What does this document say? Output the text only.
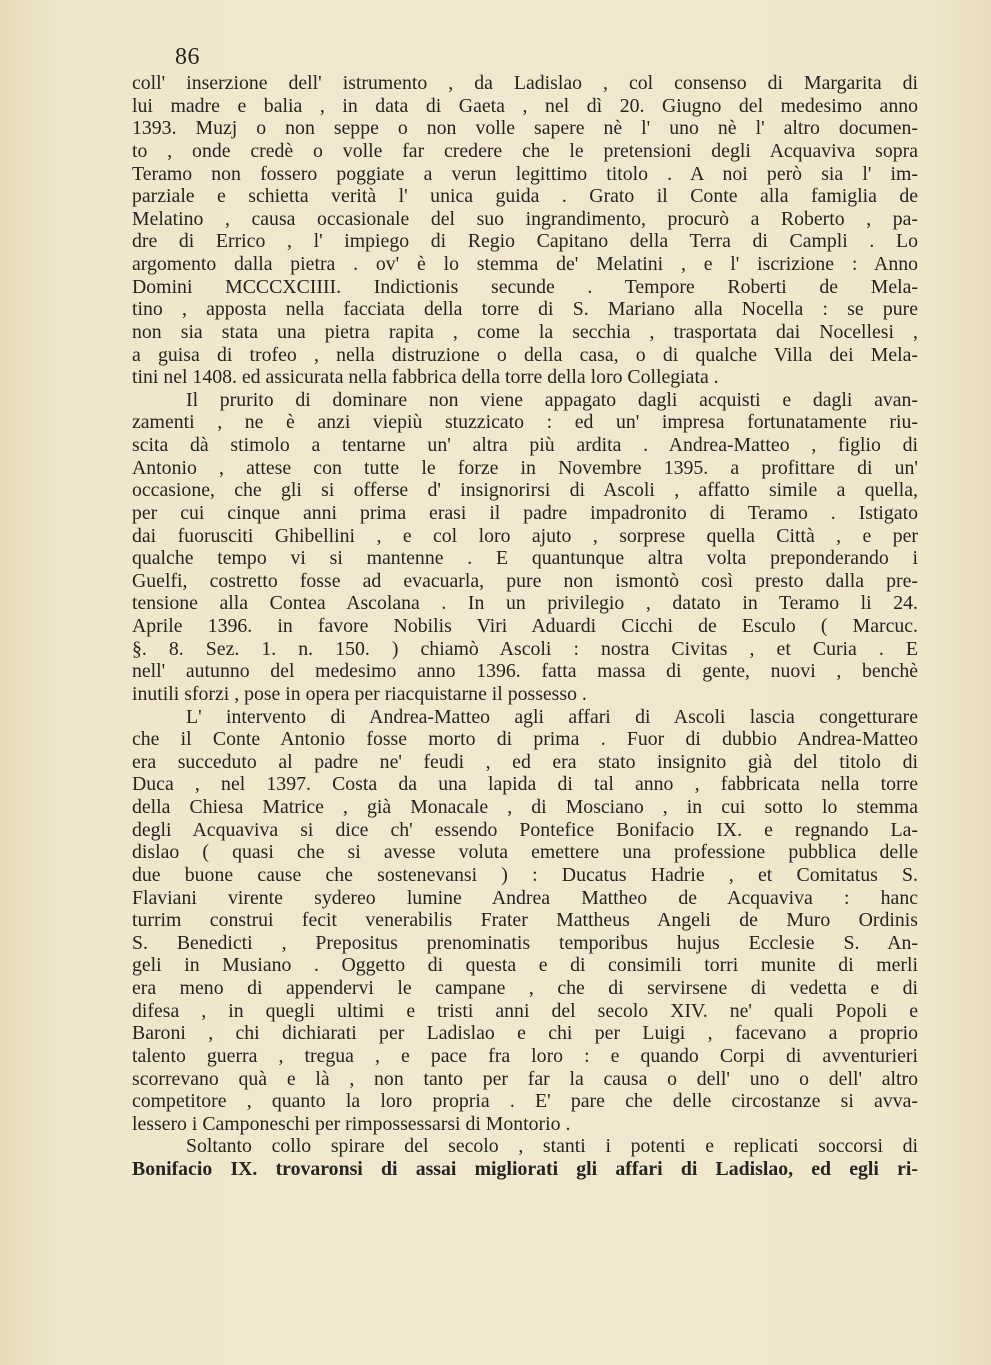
86
coll' inserzione dell' istrumento , da Ladislao , col consenso di Margarita di
lui madre e balia , in data di Gaeta , nel dì 20. Giugno del medesimo anno
1393. Muzj o non seppe o non volle sapere nè l' uno nè l' altro documen-
to , onde credè o volle far credere che le pretensioni degli Acquaviva sopra
Teramo non fossero poggiate a verun legittimo titolo . A noi però sia l' im-
parziale e schietta verità l' unica guida . Grato il Conte alla famiglia de
Melatino , causa occasionale del suo ingrandimento, procurò a Roberto , pa-
dre di Errico , l' impiego di Regio Capitano della Terra di Campli . Lo
argomento dalla pietra . ov' è lo stemma de' Melatini , e l' iscrizione : Anno
Domini MCCCXCIIII. Indictionis secunde . Tempore Roberti de Mela-
tino , apposta nella facciata della torre di S. Mariano alla Nocella : se pure
non sia stata una pietra rapita , come la secchia , trasportata dai Nocellesi ,
a guisa di trofeo , nella distruzione o della casa, o di qualche Villa dei Mela-
tini nel 1408. ed assicurata nella fabbrica della torre della loro Collegiata .
Il prurito di dominare non viene appagato dagli acquisti e dagli avan-
zamenti , ne è anzi viepiù stuzzicato : ed un' impresa fortunatamente riu-
scita dà stimolo a tentarne un' altra più ardita . Andrea-Matteo , figlio di
Antonio , attese con tutte le forze in Novembre 1395. a profittare di un'
occasione, che gli si offerse d' insignorirsi di Ascoli , affatto simile a quella,
per cui cinque anni prima erasi il padre impadronito di Teramo . Istigato
dai fuorusciti Ghibellini , e col loro ajuto , sorprese quella Città , e per
qualche tempo vi si mantenne . E quantunque altra volta preponderando i
Guelfi, costretto fosse ad evacuarla, pure non ismontò così presto dalla pre-
tensione alla Contea Ascolana . In un privilegio , datato in Teramo li 24.
Aprile 1396. in favore Nobilis Viri Aduardi Cicchi de Esculo ( Marcuc.
§. 8. Sez. 1. n. 150. ) chiamò Ascoli : nostra Civitas , et Curia . E
nell' autunno del medesimo anno 1396. fatta massa di gente, nuovi , benchè
inutili sforzi , pose in opera per riacquistarne il possesso .
L' intervento di Andrea-Matteo agli affari di Ascoli lascia congetturare
che il Conte Antonio fosse morto di prima . Fuor di dubbio Andrea-Matteo
era succeduto al padre ne' feudi , ed era stato insignito già del titolo di
Duca , nel 1397. Costa da una lapida di tal anno , fabbricata nella torre
della Chiesa Matrice , già Monacale , di Mosciano , in cui sotto lo stemma
degli Acquaviva si dice ch' essendo Pontefice Bonifacio IX. e regnando La-
dislao ( quasi che si avesse voluta emettere una professione pubblica delle
due buone cause che sostenevansi ) : Ducatus Hadrie , et Comitatus S.
Flaviani virente sydereo lumine Andrea Mattheo de Acquaviva : hanc
turrim construi fecit venerabilis Frater Mattheus Angeli de Muro Ordinis
S. Benedicti , Prepositus prenominatis temporibus hujus Ecclesie S. An-
geli in Musiano . Oggetto di questa e di consimili torri munite di merli
era meno di appendervi le campane , che di servirsene di vedetta e di
difesa , in quegli ultimi e tristi anni del secolo XIV. ne' quali Popoli e
Baroni , chi dichiarati per Ladislao e chi per Luigi , facevano a proprio
talento guerra , tregua , e pace fra loro : e quando Corpi di avventurieri
scorrevano quà e là , non tanto per far la causa o dell' uno o dell' altro
competitore , quanto la loro propria . E' pare che delle circostanze si avva-
lessero i Camponeschi per rimpossessarsi di Montorio .
Soltanto collo spirare del secolo , stanti i potenti e replicati soccorsi di
Bonifacio IX. trovaronsi di assai migliorati gli affari di Ladislao, ed egli ri-
